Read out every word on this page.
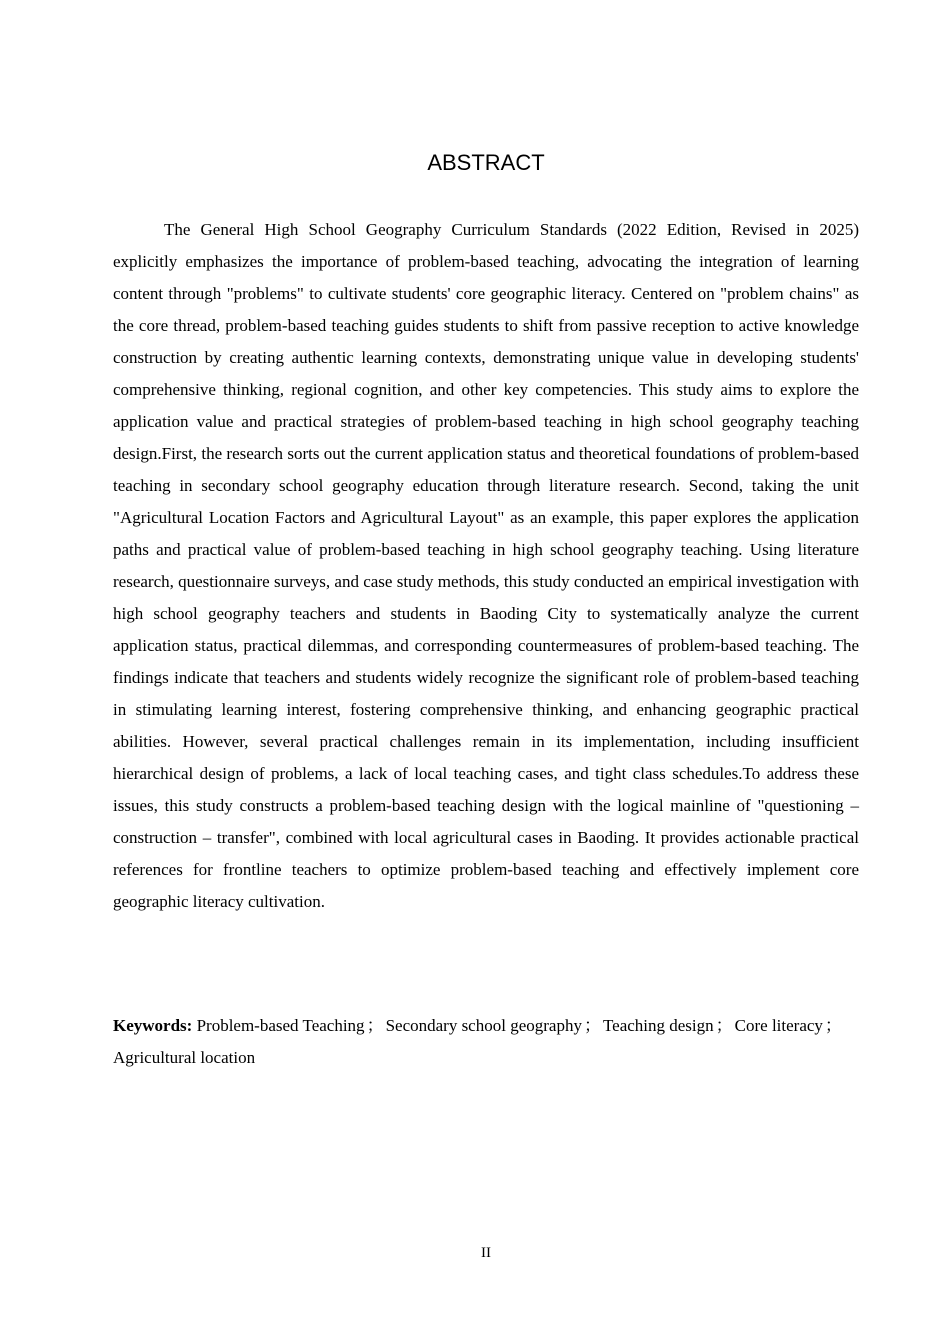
ABSTRACT

The General High School Geography Curriculum Standards (2022 Edition, Revised in 2025) explicitly emphasizes the importance of problem-based teaching, advocating the integration of learning content through "problems" to cultivate students' core geographic literacy. Centered on "problem chains" as the core thread, problem-based teaching guides students to shift from passive reception to active knowledge construction by creating authentic learning contexts, demonstrating unique value in developing students' comprehensive thinking, regional cognition, and other key competencies. This study aims to explore the application value and practical strategies of problem-based teaching in high school geography teaching design.First, the research sorts out the current application status and theoretical foundations of problem-based teaching in secondary school geography education through literature research. Second, taking the unit "Agricultural Location Factors and Agricultural Layout" as an example, this paper explores the application paths and practical value of problem-based teaching in high school geography teaching. Using literature research, questionnaire surveys, and case study methods, this study conducted an empirical investigation with high school geography teachers and students in Baoding City to systematically analyze the current application status, practical dilemmas, and corresponding countermeasures of problem-based teaching. The findings indicate that teachers and students widely recognize the significant role of problem-based teaching in stimulating learning interest, fostering comprehensive thinking, and enhancing geographic practical abilities. However, several practical challenges remain in its implementation, including insufficient hierarchical design of problems, a lack of local teaching cases, and tight class schedules.To address these issues, this study constructs a problem-based teaching design with the logical mainline of "questioning – construction – transfer", combined with local agricultural cases in Baoding. It provides actionable practical references for frontline teachers to optimize problem-based teaching and effectively implement core geographic literacy cultivation.

Keywords: Problem-based Teaching ； Secondary school geography ； Teaching design ； Core literacy ；Agricultural location

II
